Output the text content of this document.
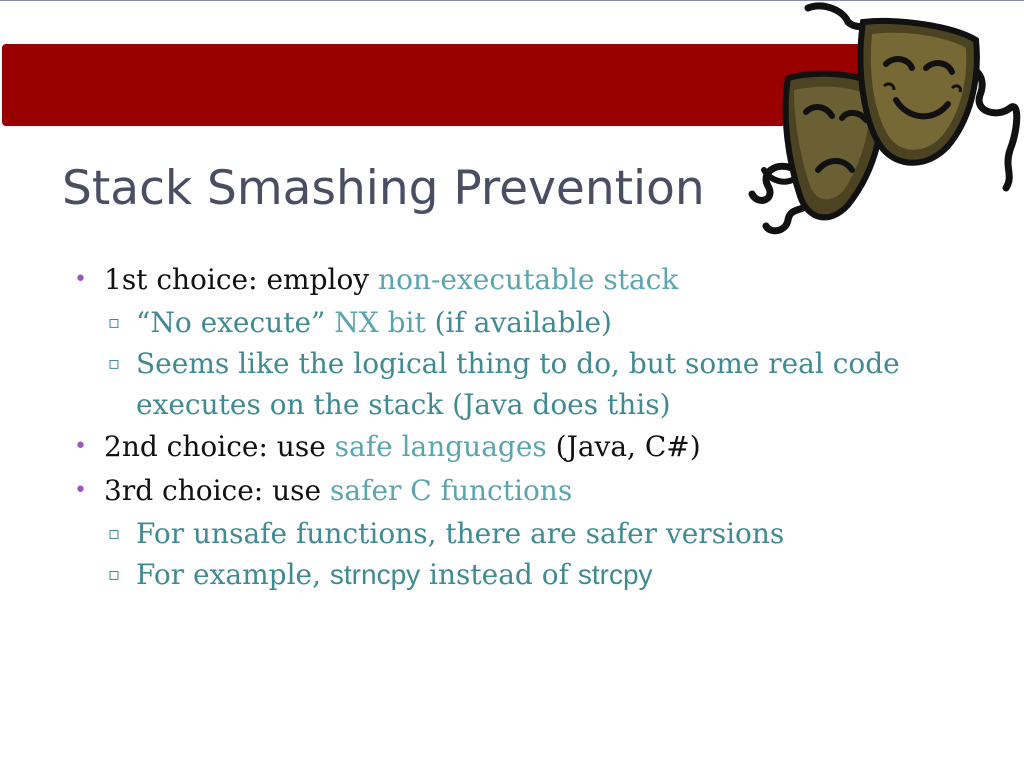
Stack Smashing Prevention

• 1st choice: employ non-executable stack

▫ “No execute” NX bit (if available)

▫ Seems like the logical thing to do, but some real code
executes on the stack (Java does this)

• 2nd choice: use safe languages (Java, C#)

• 3rd choice: use safer C functions

▫ For unsafe functions, there are safer versions

▫ For example, strncpy instead of strcpy
